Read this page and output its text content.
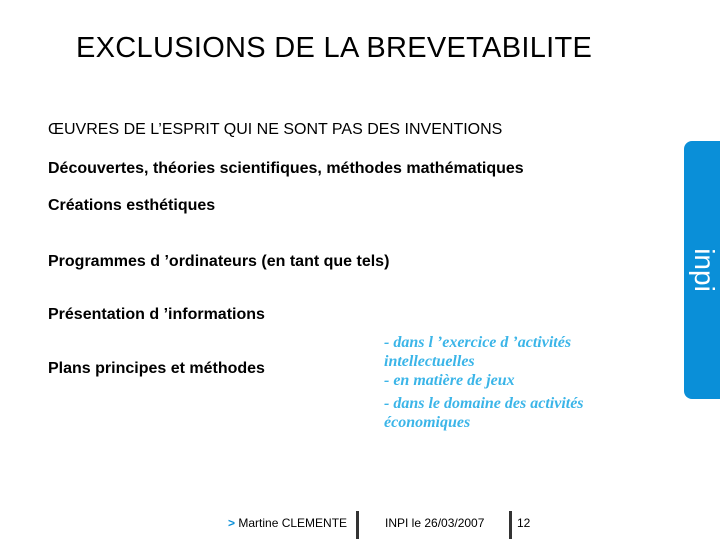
EXCLUSIONS DE LA BREVETABILITE
ŒUVRES DE L’ESPRIT QUI NE SONT PAS DES INVENTIONS
Découvertes, théories scientifiques, méthodes mathématiques
Créations esthétiques
Programmes d ’ordinateurs (en tant que tels)
Présentation d ’informations
Plans principes et méthodes
- dans l ’exercice d ’activités intellectuelles
- en matière de jeux
- dans le domaine des activités économiques
inpi
> Martine CLEMENTE	INPI le 26/03/2007	12
